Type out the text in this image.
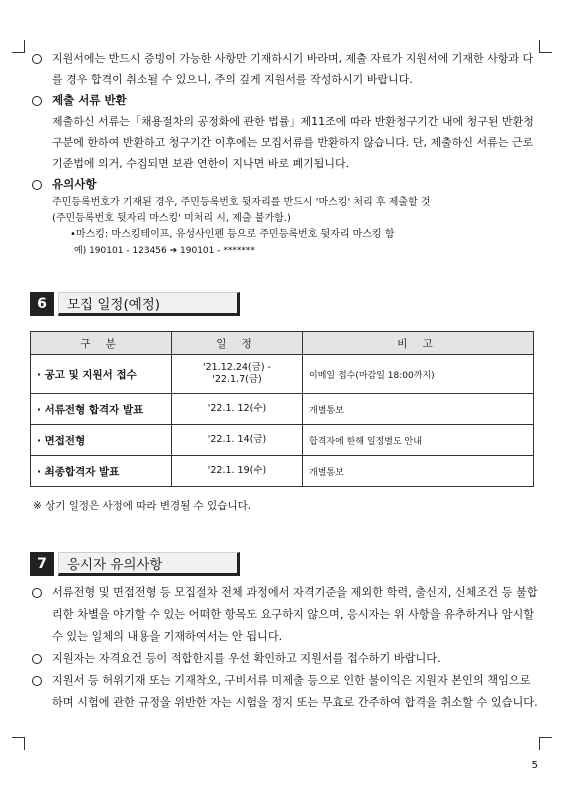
지원서에는 반드시 증빙이 가능한 사항만 기재하시기 바라며, 제출 자료가 지원서에 기재한 사항과 다를 경우 합격이 취소될 수 있으니, 주의 깊게 지원서를 작성하시기 바랍니다.
제출 서류 반환
제출하신 서류는「채용절차의 공정화에 관한 법률」제11조에 따라 반환청구기간 내에 청구된 반환청구분에 한하여 반환하고 청구기간 이후에는 모집서류를 반환하지 않습니다. 단, 제출하신 서류는 근로기준법에 의거, 수집되면 보관 연한이 지나면 바로 폐기됩니다.
유의사항
주민등록번호가 기재된 경우, 주민등록번호 뒷자리를 반드시 '마스킹' 처리 후 제출할 것
(주민등록번호 뒷자리 마스킹' 미처리 시, 제출 불가함.)
•마스킹: 마스킹테이프, 유성사인펜 등으로 주민등록번호 뒷자리 마스킹 함
예) 190101 - 123456 ➔ 190101 - *******
6	모집 일정(예정)
구 분	일 정	비 고
· 공고 및 지원서 접수	'21.12.24(금) - '22.1.7(금)	이메일 접수(마감일 18:00까지)
· 서류전형 합격자 발표	'22.1. 12(수)	개별통보
· 면접전형	'22.1. 14(금)	합격자에 한해 일정별도 안내
· 최종합격자 발표	'22.1. 19(수)	개별통보
※ 상기 일정은 사정에 따라 변경될 수 있습니다.
7	응시자 유의사항
서류전형 및 면접전형 등 모집절차 전체 과정에서 자격기준을 제외한 학력, 출신지, 신체조건 등 불합리한 차별을 야기할 수 있는 어떠한 항목도 요구하지 않으며, 응시자는 위 사항을 유추하거나 암시할 수 있는 일체의 내용을 기재하여서는 안 됩니다.
지원자는 자격요건 등이 적합한지를 우선 확인하고 지원서를 접수하기 바랍니다.
지원서 등 허위기재 또는 기재착오, 구비서류 미제출 등으로 인한 불이익은 지원자 본인의 책임으로 하며 시험에 관한 규정을 위반한 자는 시험을 정지 또는 무효로 간주하여 합격을 취소할 수 있습니다.
5
